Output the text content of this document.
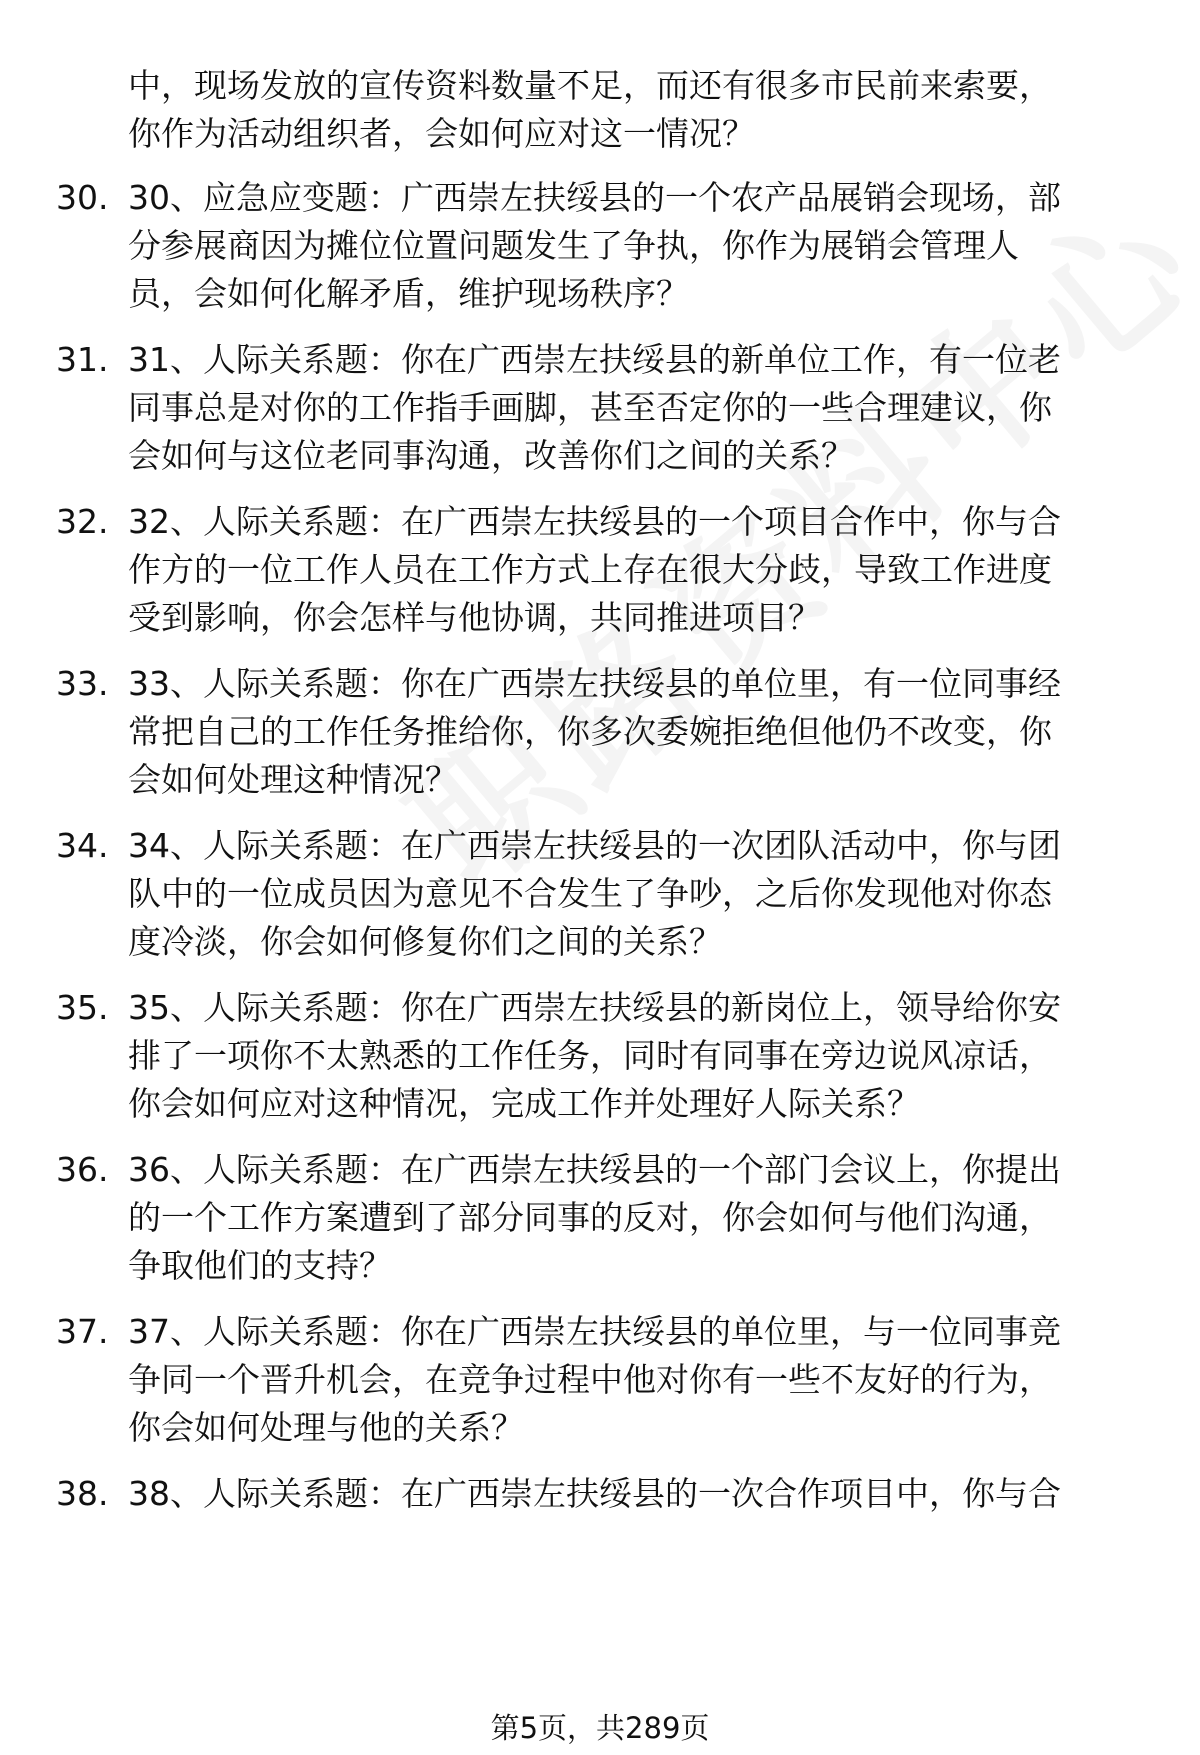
中，现场发放的宣传资料数量不足，而还有很多市民前来索要，
你作为活动组织者，会如何应对这一情况？
30. 30、应急应变题：广西崇左扶绥县的一个农产品展销会现场，部
分参展商因为摊位位置问题发生了争执，你作为展销会管理人
员，会如何化解矛盾，维护现场秩序？
31. 31、人际关系题：你在广西崇左扶绥县的新单位工作，有一位老
同事总是对你的工作指手画脚，甚至否定你的一些合理建议，你
会如何与这位老同事沟通，改善你们之间的关系？
32. 32、人际关系题：在广西崇左扶绥县的一个项目合作中，你与合
作方的一位工作人员在工作方式上存在很大分歧，导致工作进度
受到影响，你会怎样与他协调，共同推进项目？
33. 33、人际关系题：你在广西崇左扶绥县的单位里，有一位同事经
常把自己的工作任务推给你，你多次委婉拒绝但他仍不改变，你
会如何处理这种情况？
34. 34、人际关系题：在广西崇左扶绥县的一次团队活动中，你与团
队中的一位成员因为意见不合发生了争吵，之后你发现他对你态
度冷淡，你会如何修复你们之间的关系？
35. 35、人际关系题：你在广西崇左扶绥县的新岗位上，领导给你安
排了一项你不太熟悉的工作任务，同时有同事在旁边说风凉话，
你会如何应对这种情况，完成工作并处理好人际关系？
36. 36、人际关系题：在广西崇左扶绥县的一个部门会议上，你提出
的一个工作方案遭到了部分同事的反对，你会如何与他们沟通，
争取他们的支持？
37. 37、人际关系题：你在广西崇左扶绥县的单位里，与一位同事竞
争同一个晋升机会，在竞争过程中他对你有一些不友好的行为，
你会如何处理与他的关系？
38. 38、人际关系题：在广西崇左扶绥县的一次合作项目中，你与合
第5页，共289页
